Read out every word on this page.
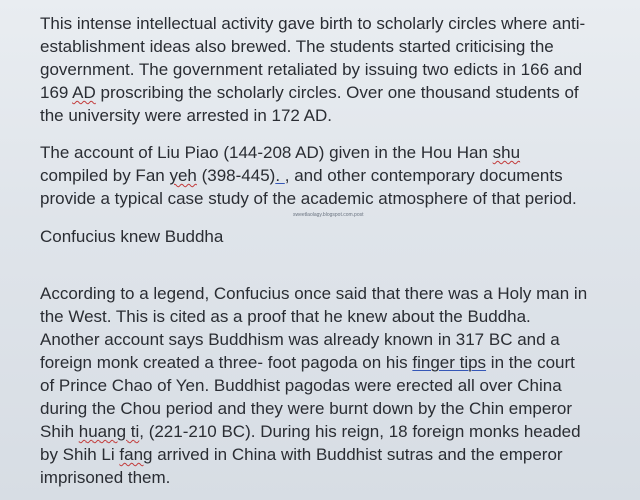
This intense intellectual activity gave birth to scholarly circles where anti-
establishment ideas also brewed. The students started criticising the
government. The government retaliated by issuing two edicts in 166 and
169 AD proscribing the scholarly circles. Over one thousand students of
the university were arrested in 172 AD.
The account of Liu Piao (144-208 AD) given in the Hou Han shu
compiled by Fan yeh (398-445). , and other contemporary documents
provide a typical case study of the academic atmosphere of that period.
Confucius knew Buddha
According to a legend, Confucius once said that there was a Holy man in
the West. This is cited as a proof that he knew about the Buddha.
Another account says Buddhism was already known in 317 BC and a
foreign monk created a three- foot pagoda on his finger tips in the court
of Prince Chao of Yen. Buddhist pagodas were erected all over China
during the Chou period and they were burnt down by the Chin emperor
Shih huang ti, (221-210 BC). During his reign, 18 foreign monks headed
by Shih Li fang arrived in China with Buddhist sutras and the emperor
imprisoned them.
sweetlaolagy.blogspot.com.post
